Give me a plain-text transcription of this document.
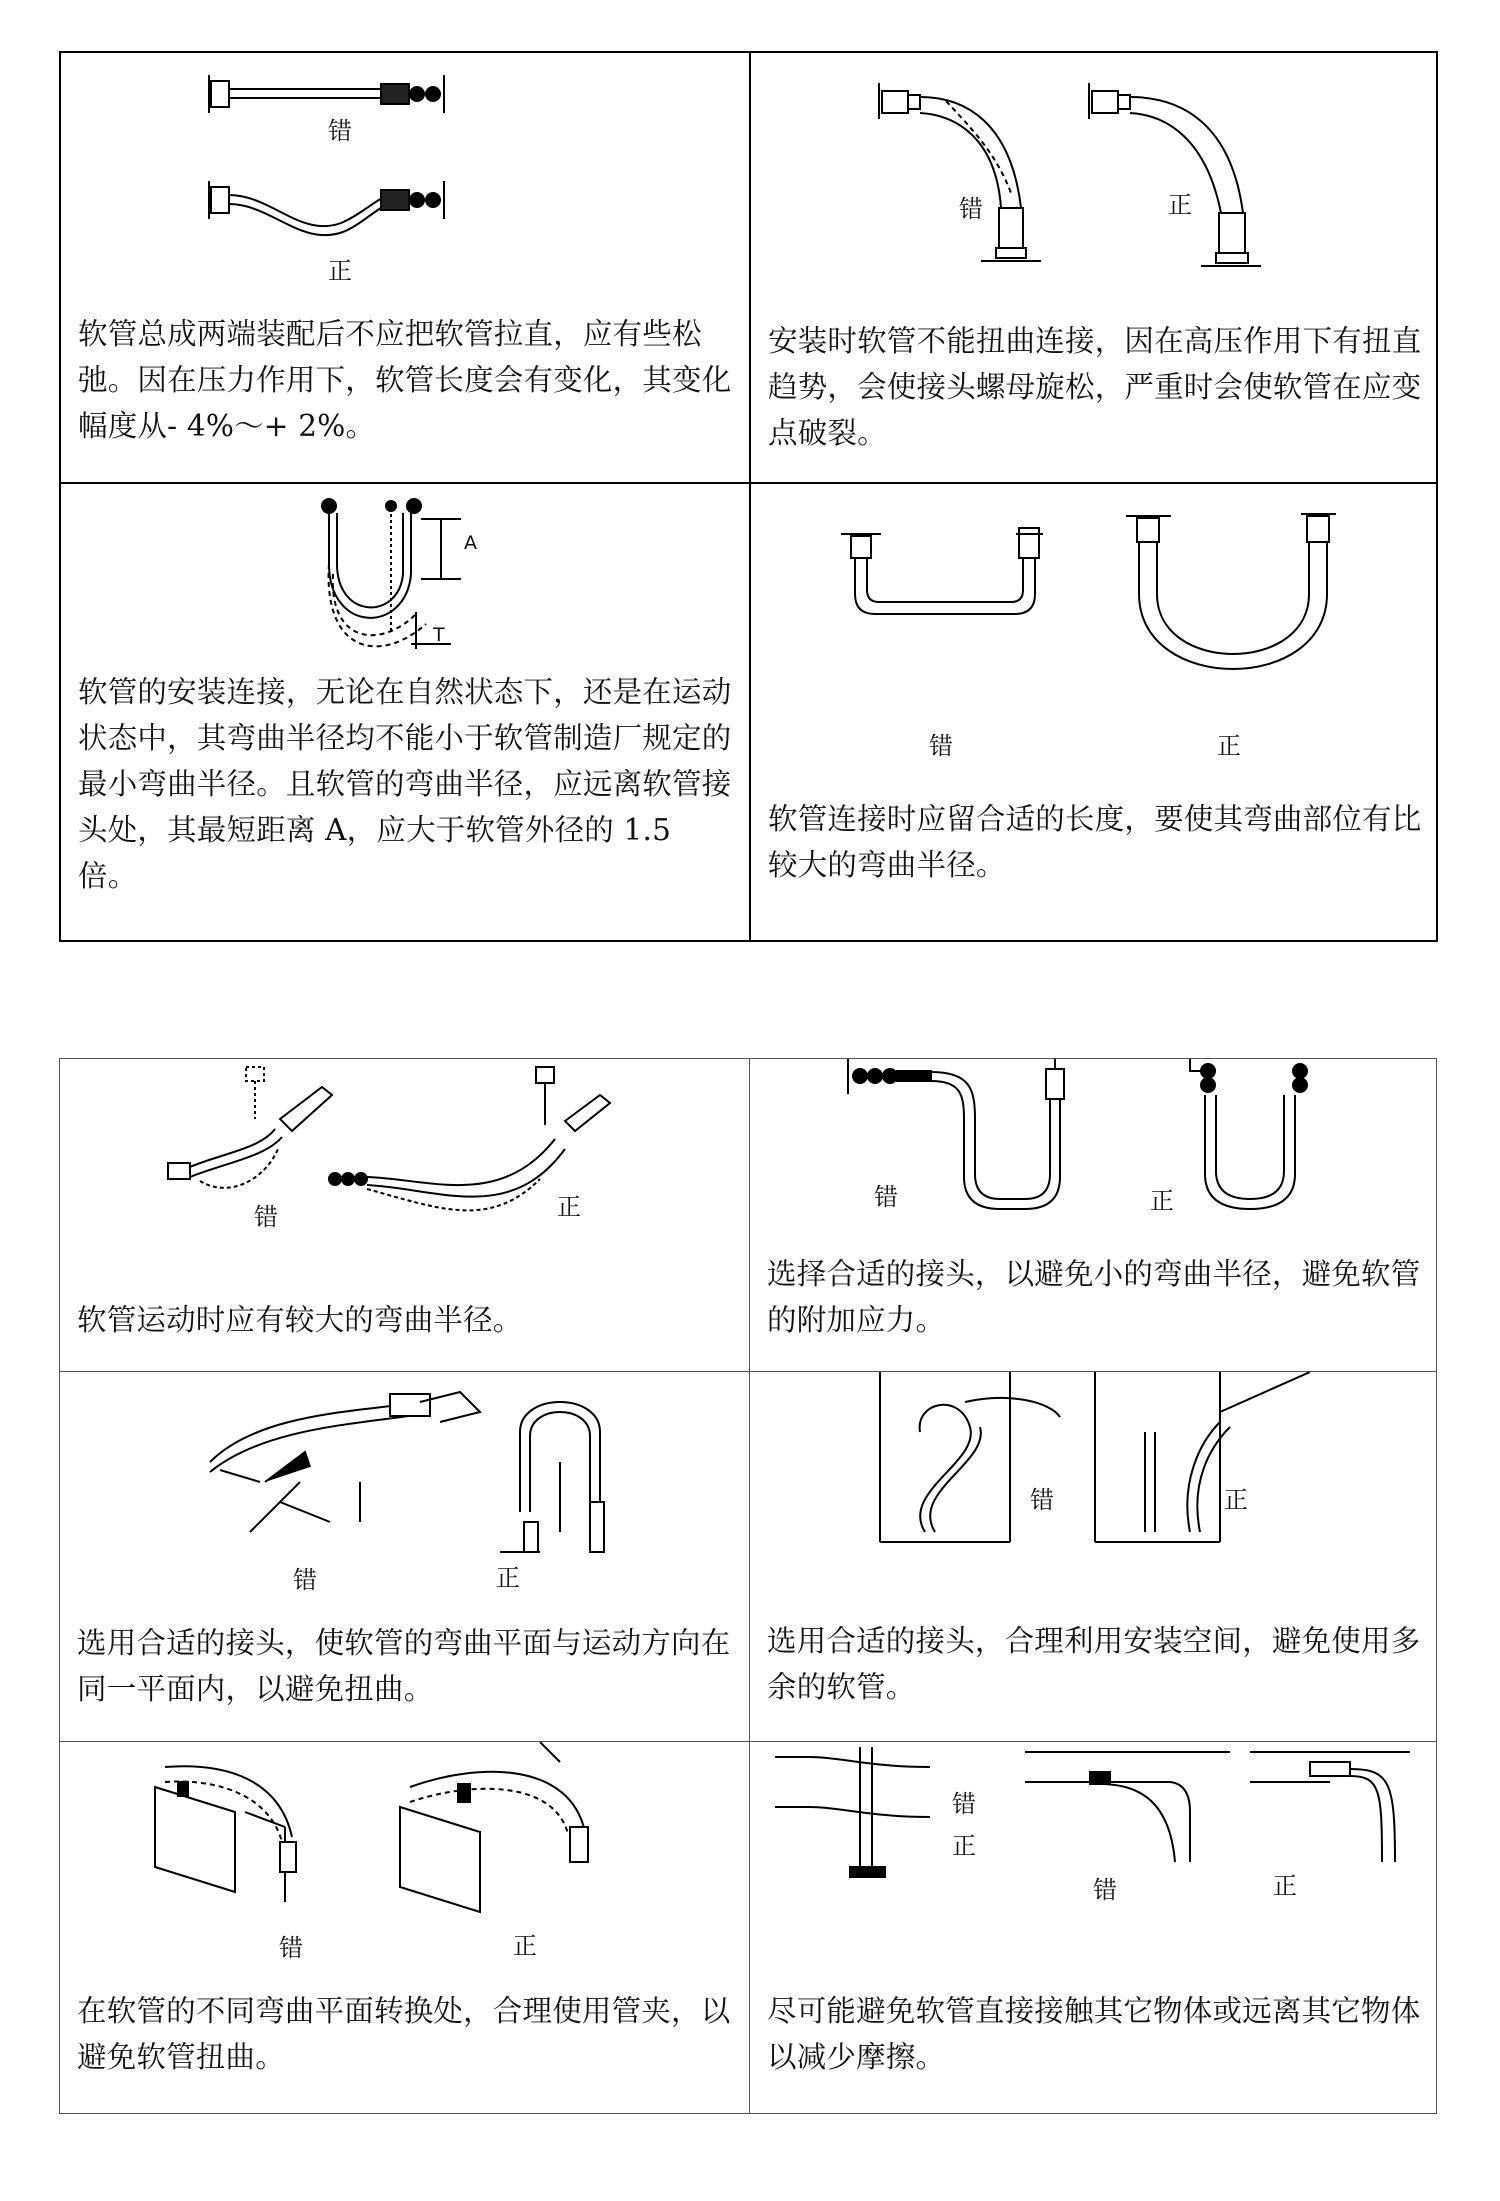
错
正
软管总成两端装配后不应把软管拉直，应有些松弛。因在压力作用下，软管长度会有变化，其变化幅度从- 4%～+ 2%。	错 正
安装时软管不能扭曲连接，因在高压作用下有扭直趋势，会使接头螺母旋松，严重时会使软管在应变点破裂。

A
T
软管的安装连接，无论在自然状态下，还是在运动状态中，其弯曲半径均不能小于软管制造厂规定的最小弯曲半径。且软管的弯曲半径，应远离软管接头处，其最短距离 A，应大于软管外径的 1.5 倍。	错 正
软管连接时应留合适的长度，要使其弯曲部位有比较大的弯曲半径。
错 正
软管运动时应有较大的弯曲半径。	错 正
选择合适的接头，以避免小的弯曲半径，避免软管的附加应力。

错 正
选用合适的接头，使软管的弯曲平面与运动方向在同一平面内，以避免扭曲。	错 正
选用合适的接头，合理利用安装空间，避免使用多余的软管。

错 正
在软管的不同弯曲平面转换处，合理使用管夹，以避免软管扭曲。	错
正
错 正
尽可能避免软管直接接触其它物体或远离其它物体以减少摩擦。
